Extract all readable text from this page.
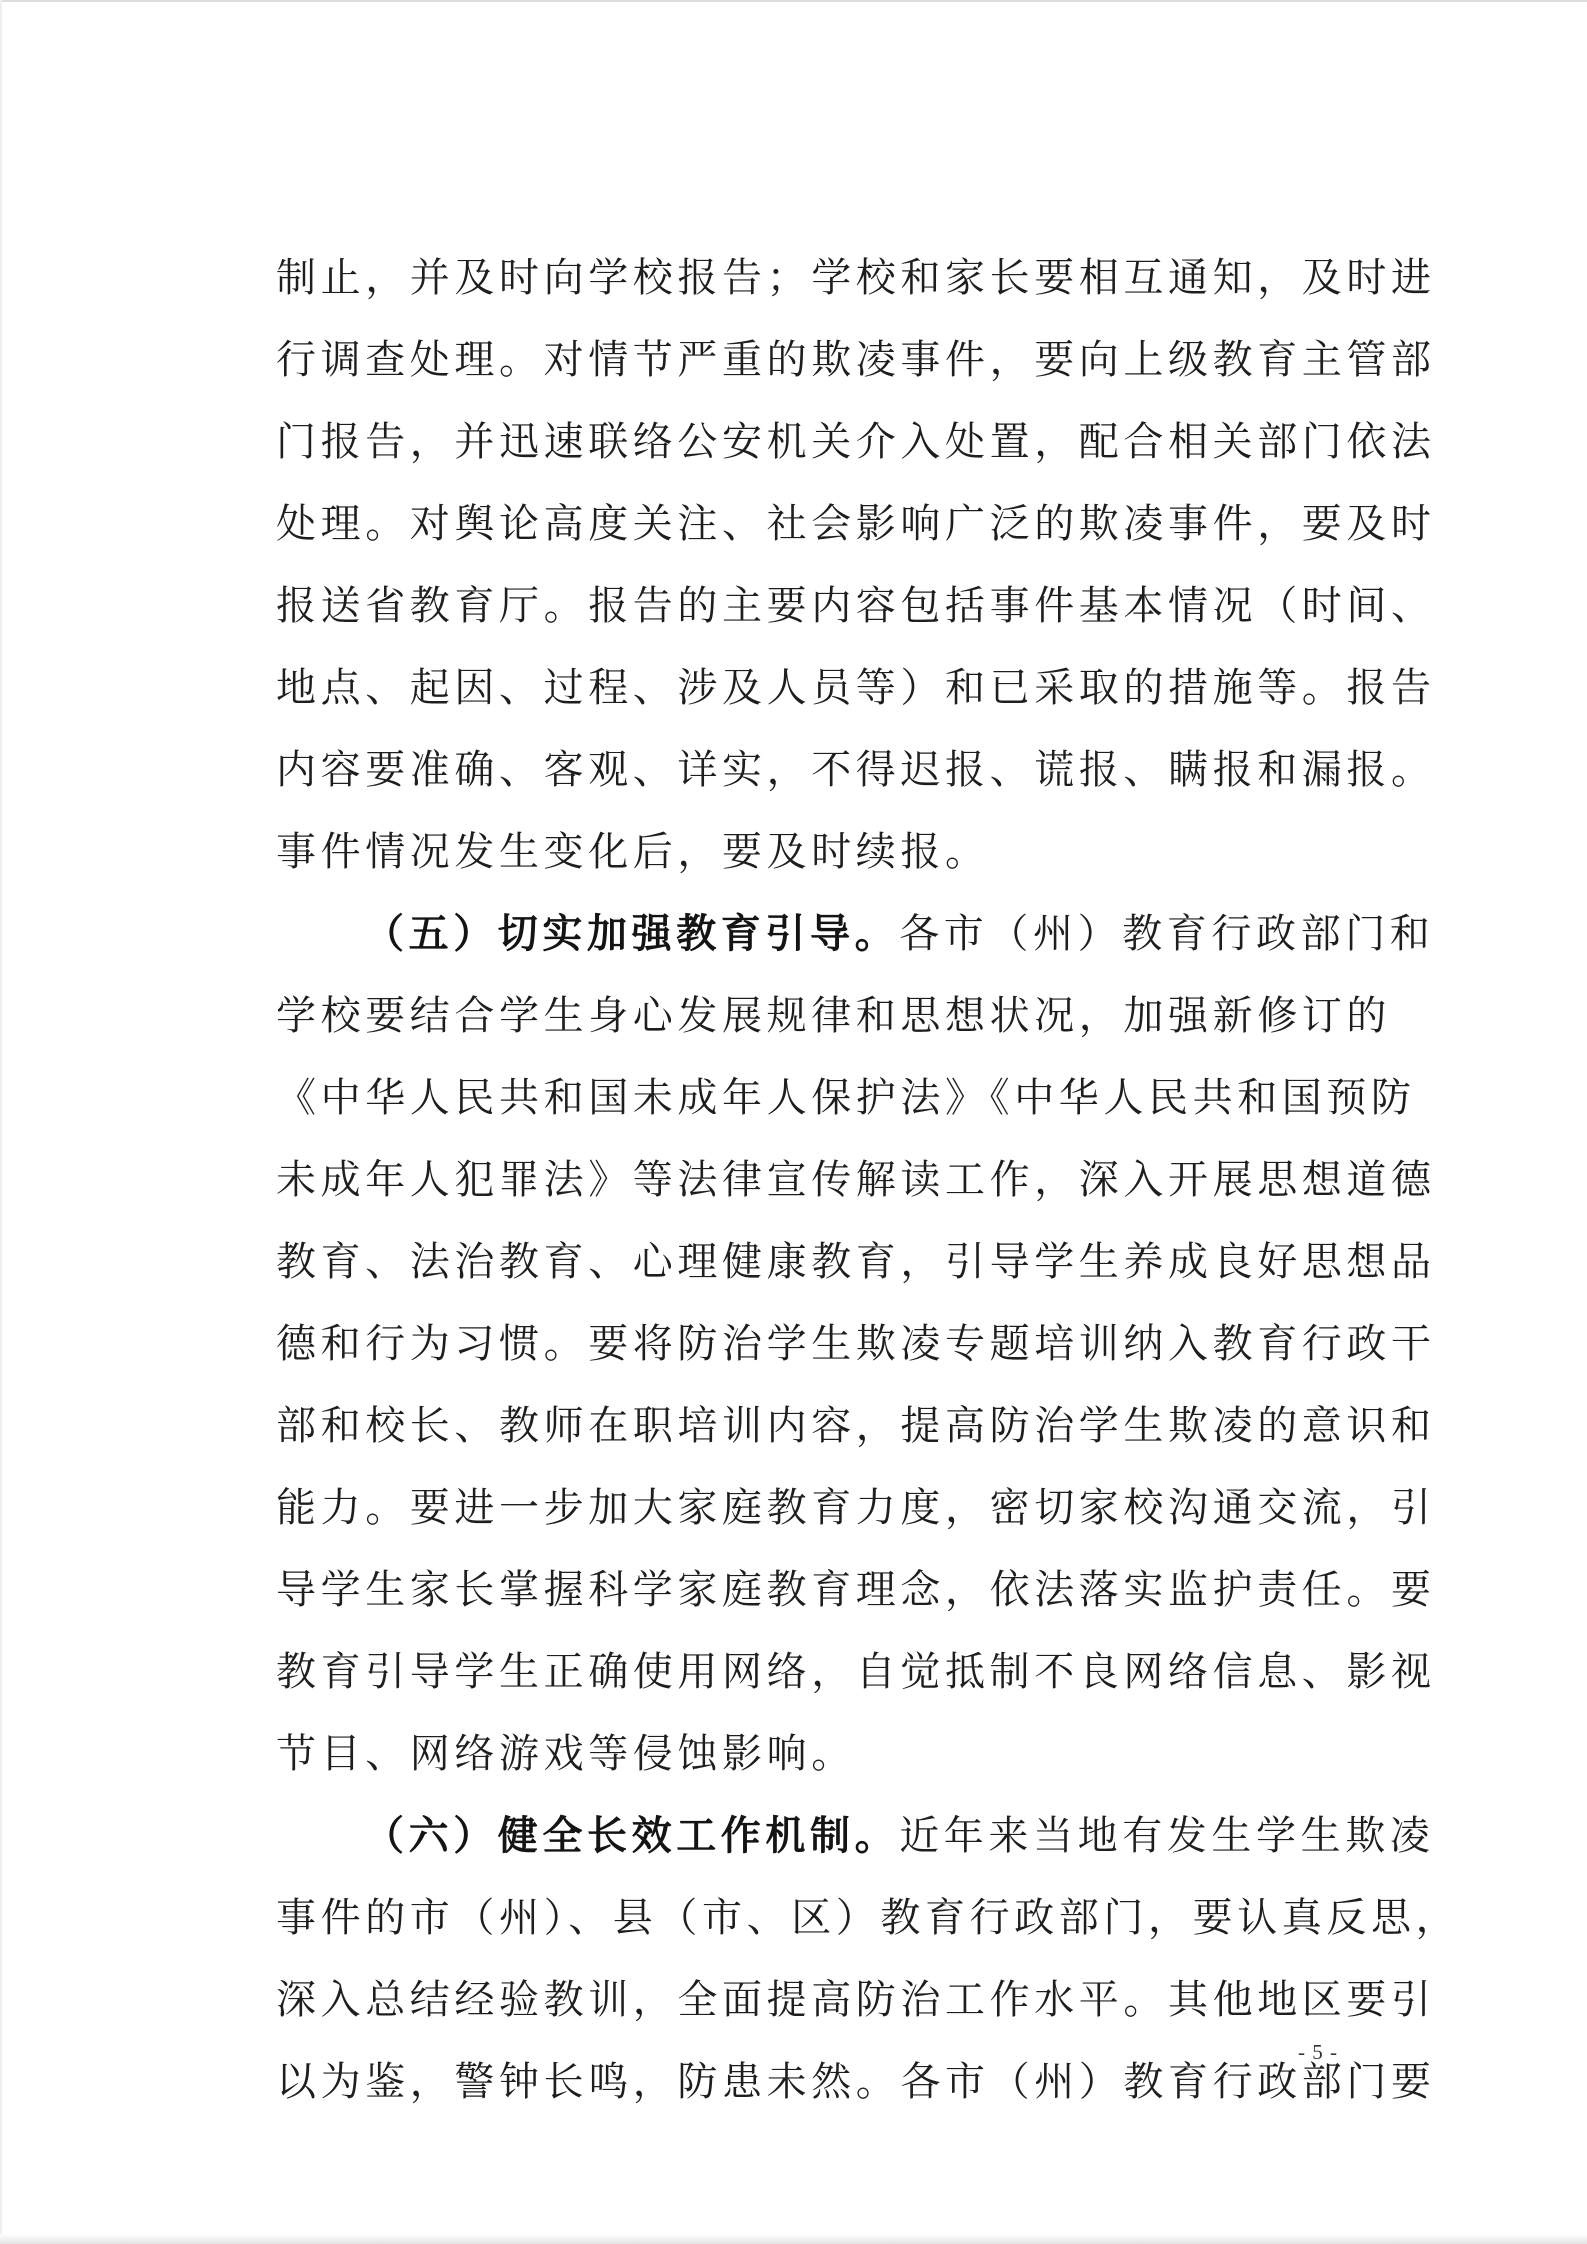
制止，并及时向学校报告；学校和家长要相互通知，及时进
行调查处理。对情节严重的欺凌事件，要向上级教育主管部
门报告，并迅速联络公安机关介入处置，配合相关部门依法
处理。对舆论高度关注、社会影响广泛的欺凌事件，要及时
报送省教育厅。报告的主要内容包括事件基本情况（时间、
地点、起因、过程、涉及人员等）和已采取的措施等。报告
内容要准确、客观、详实，不得迟报、谎报、瞒报和漏报。
事件情况发生变化后，要及时续报。
（五）切实加强教育引导。各市（州）教育行政部门和
学校要结合学生身心发展规律和思想状况，加强新修订的
《中华人民共和国未成年人保护法》《中华人民共和国预防
未成年人犯罪法》等法律宣传解读工作，深入开展思想道德
教育、法治教育、心理健康教育，引导学生养成良好思想品
德和行为习惯。要将防治学生欺凌专题培训纳入教育行政干
部和校长、教师在职培训内容，提高防治学生欺凌的意识和
能力。要进一步加大家庭教育力度，密切家校沟通交流，引
导学生家长掌握科学家庭教育理念，依法落实监护责任。要
教育引导学生正确使用网络，自觉抵制不良网络信息、影视
节目、网络游戏等侵蚀影响。
（六）健全长效工作机制。近年来当地有发生学生欺凌
事件的市（州）、县（市、区）教育行政部门，要认真反思，
深入总结经验教训，全面提高防治工作水平。其他地区要引
以为鉴，警钟长鸣，防患未然。各市（州）教育行政部门要
- 5 -
